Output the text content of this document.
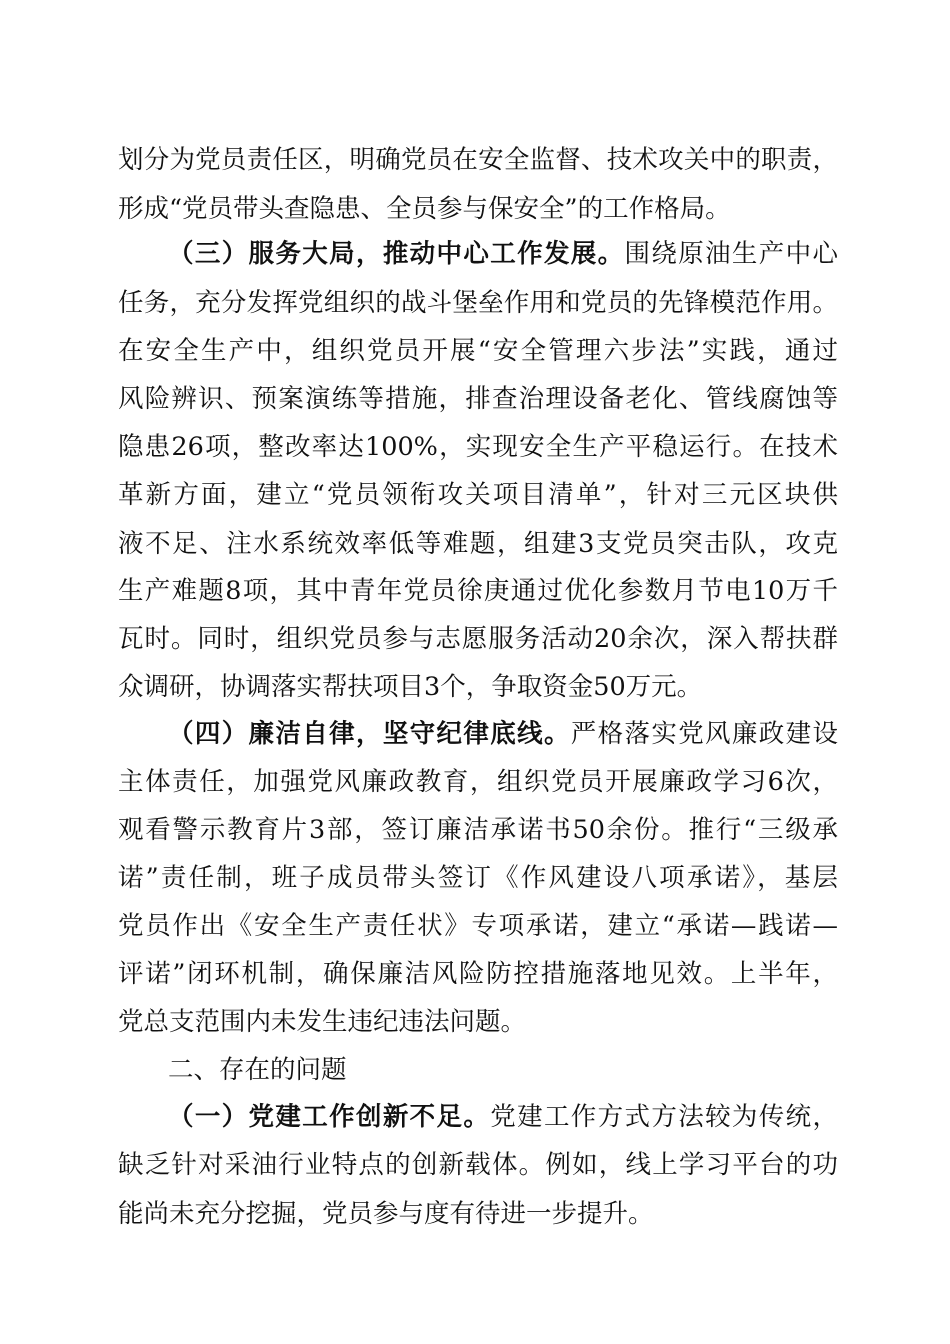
划分为党员责任区，明确党员在安全监督、技术攻关中的职责，
形成“党员带头查隐患、全员参与保安全”的工作格局。
（三）服务大局，推动中心工作发展。围绕原油生产中心
任务，充分发挥党组织的战斗堡垒作用和党员的先锋模范作用。
在安全生产中，组织党员开展“安全管理六步法”实践，通过
风险辨识、预案演练等措施，排查治理设备老化、管线腐蚀等
隐患26项，整改率达100%，实现安全生产平稳运行。在技术
革新方面，建立“党员领衔攻关项目清单”，针对三元区块供
液不足、注水系统效率低等难题，组建3支党员突击队，攻克
生产难题8项，其中青年党员徐庚通过优化参数月节电10万千
瓦时。同时，组织党员参与志愿服务活动20余次，深入帮扶群
众调研，协调落实帮扶项目3个，争取资金50万元。
（四）廉洁自律，坚守纪律底线。严格落实党风廉政建设
主体责任，加强党风廉政教育，组织党员开展廉政学习6次，
观看警示教育片3部，签订廉洁承诺书50余份。推行“三级承
诺”责任制，班子成员带头签订《作风建设八项承诺》，基层
党员作出《安全生产责任状》专项承诺，建立“承诺—践诺—
评诺”闭环机制，确保廉洁风险防控措施落地见效。上半年，
党总支范围内未发生违纪违法问题。
二、存在的问题
（一）党建工作创新不足。党建工作方式方法较为传统，
缺乏针对采油行业特点的创新载体。例如，线上学习平台的功
能尚未充分挖掘，党员参与度有待进一步提升。
